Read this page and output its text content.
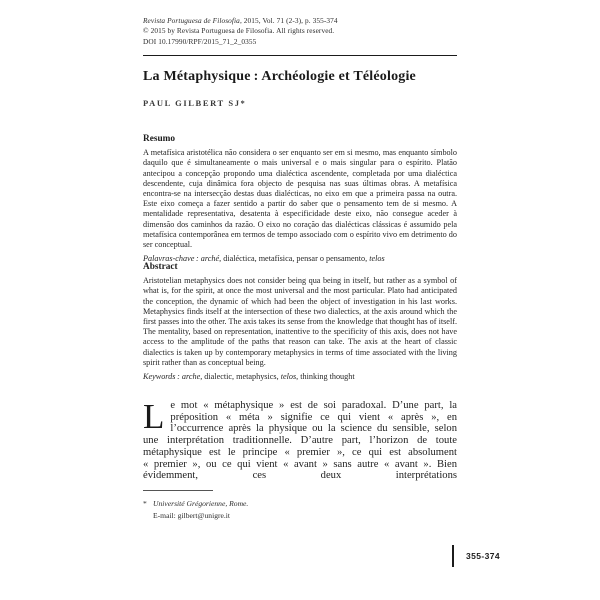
Revista Portuguesa de Filosofia, 2015, Vol. 71 (2-3), p. 355-374
© 2015 by Revista Portuguesa de Filosofia. All rights reserved.
DOI 10.17990/RPF/2015_71_2_0355
La Métaphysique : Archéologie et Téléologie
PAUL GILBERT SJ*
Resumo

A metafísica aristotélica não considera o ser enquanto ser em si mesmo, mas enquanto símbolo daquilo que é simultaneamente o mais universal e o mais singular para o espírito. Platão antecipou a concepção propondo uma dialéctica ascendente, completada por uma dialéctica descendente, cuja dinâmica fora objecto de pesquisa nas suas últimas obras. A metafísica encontra-se na intersecção destas duas dialécticas, no eixo em que a primeira passa na outra. Este eixo começa a fazer sentido a partir do saber que o pensamento tem de si mesmo. A mentalidade representativa, desatenta à especificidade deste eixo, não consegue aceder à dimensão dos caminhos da razão. O eixo no coração das dialécticas clássicas é assumido pela metafísica contemporânea em termos de tempo associado com o espírito vivo em detrimento do ser conceptual.

Palavras-chave : arché, dialéctica, metafísica, pensar o pensamento, telos

Abstract

Aristotelian metaphysics does not consider being qua being in itself, but rather as a symbol of what is, for the spirit, at once the most universal and the most particular. Plato had anticipated the conception, the dynamic of which had been the object of investigation in his last works. Metaphysics finds itself at the intersection of these two dialectics, at the axis around which the first passes into the other. The axis takes its sense from the knowledge that thought has of itself. The mentality, based on representation, inattentive to the specificity of this axis, does not have access to the amplitude of the paths that reason can take. The axis at the heart of classic dialectics is taken up by contemporary metaphysics in terms of time associated with the living spirit rather than as conceptual being.

Keywords : arche, dialectic, metaphysics, telos, thinking thought

Le mot « métaphysique » est de soi paradoxal. D’une part, la préposition « méta » signifie ce qui vient « après », en l’occurrence après la physique ou la science du sensible, selon une interprétation traditionnelle. D’autre part, l’horizon de toute métaphysique est le principe « premier », ce qui est absolument « premier », ou ce qui vient « avant » sans autre « avant ». Bien évidemment, ces deux interprétations

* Université Grégorienne, Rome.
E-mail: gilbert@unigre.it
355-374
